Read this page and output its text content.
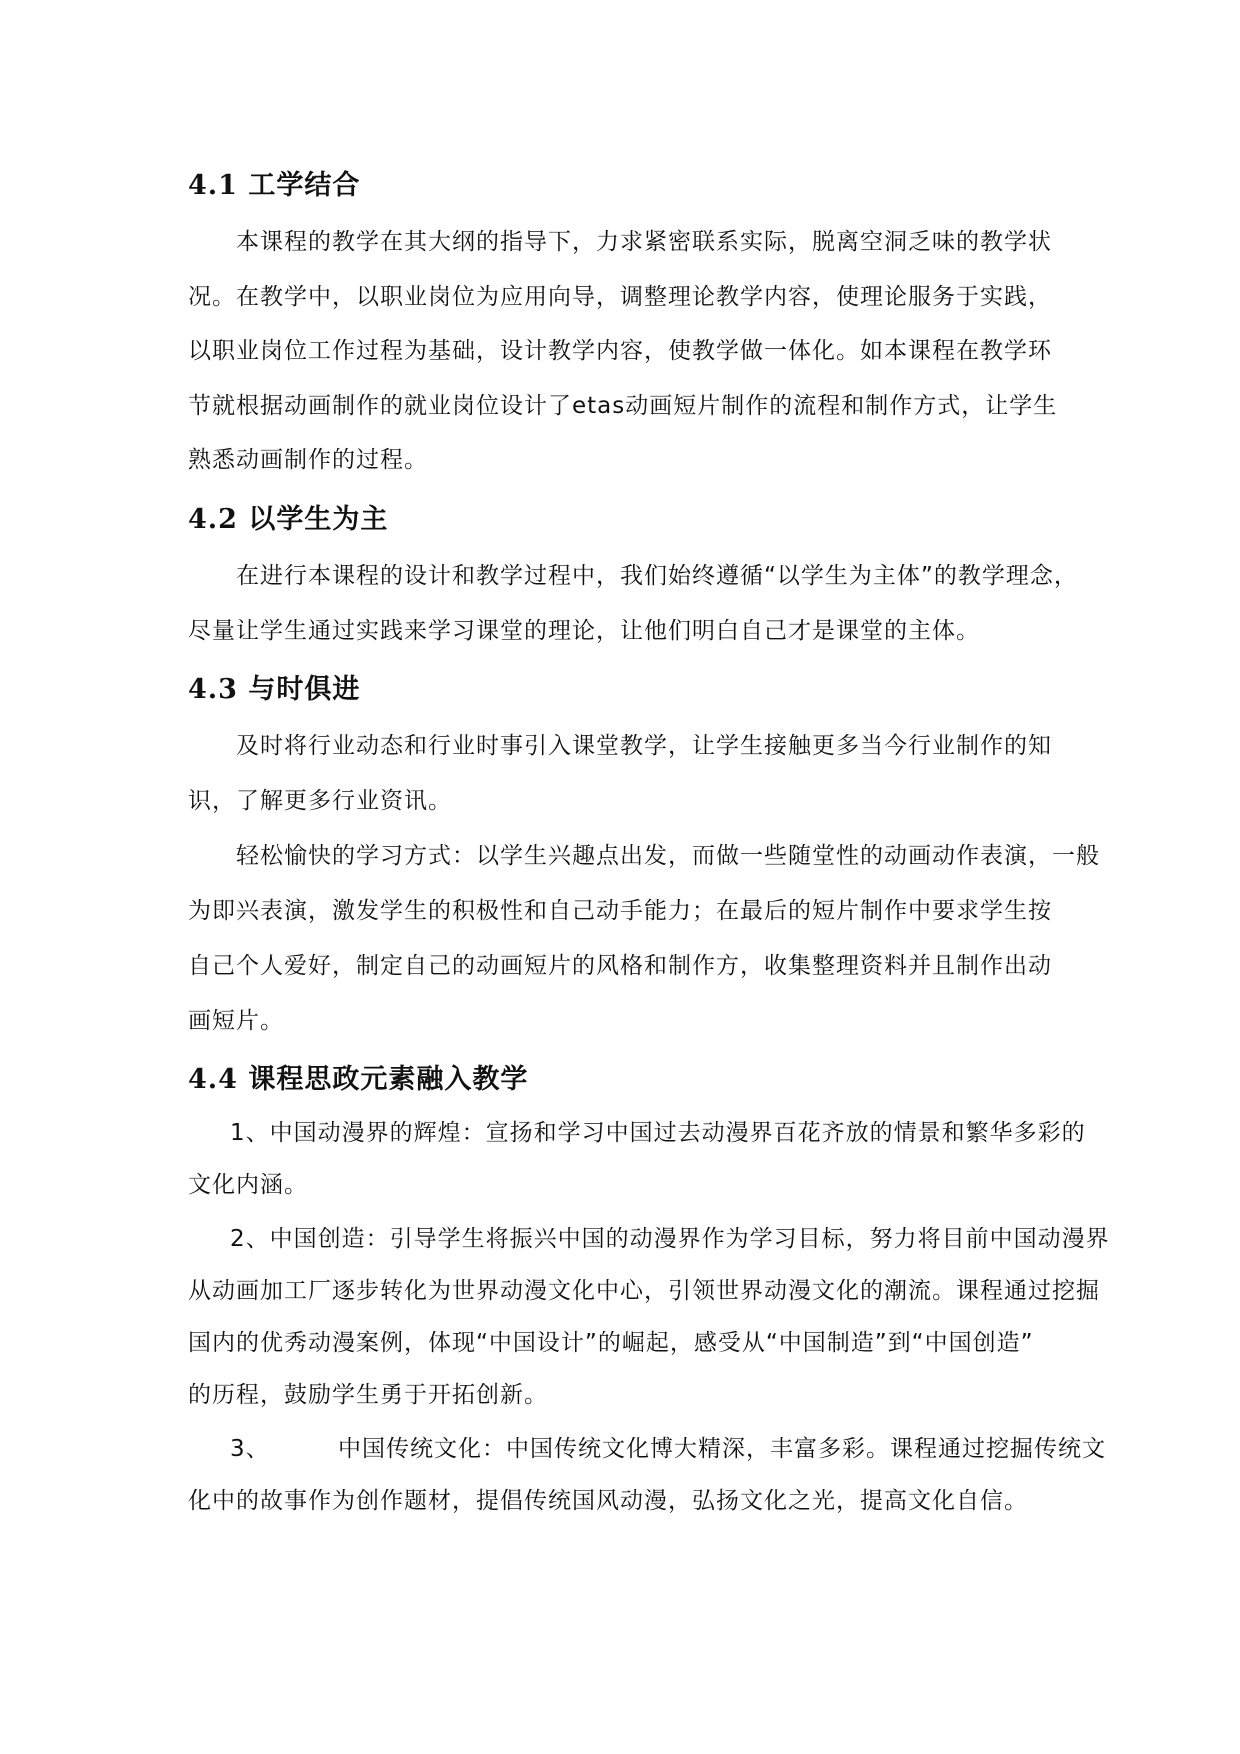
4.1 工学结合
本课程的教学在其大纲的指导下，力求紧密联系实际，脱离空洞乏味的教学状
况。在教学中，以职业岗位为应用向导，调整理论教学内容，使理论服务于实践，
以职业岗位工作过程为基础，设计教学内容，使教学做一体化。如本课程在教学环
节就根据动画制作的就业岗位设计了etas动画短片制作的流程和制作方式，让学生
熟悉动画制作的过程。
4.2 以学生为主
在进行本课程的设计和教学过程中，我们始终遵循“以学生为主体”的教学理念，
尽量让学生通过实践来学习课堂的理论，让他们明白自己才是课堂的主体。
4.3 与时俱进
及时将行业动态和行业时事引入课堂教学，让学生接触更多当今行业制作的知
识，了解更多行业资讯。
轻松愉快的学习方式：以学生兴趣点出发，而做一些随堂性的动画动作表演，一般
为即兴表演，激发学生的积极性和自己动手能力；在最后的短片制作中要求学生按
自己个人爱好，制定自己的动画短片的风格和制作方，收集整理资料并且制作出动
画短片。
4.4 课程思政元素融入教学
1、中国动漫界的辉煌：宣扬和学习中国过去动漫界百花齐放的情景和繁华多彩的
文化内涵。
2、中国创造：引导学生将振兴中国的动漫界作为学习目标，努力将目前中国动漫界
从动画加工厂逐步转化为世界动漫文化中心，引领世界动漫文化的潮流。课程通过挖掘
国内的优秀动漫案例，体现“中国设计”的崛起，感受从“中国制造”到“中国创造”
的历程，鼓励学生勇于开拓创新。
3、	中国传统文化：中国传统文化博大精深，丰富多彩。课程通过挖掘传统文
化中的故事作为创作题材，提倡传统国风动漫，弘扬文化之光，提高文化自信。
